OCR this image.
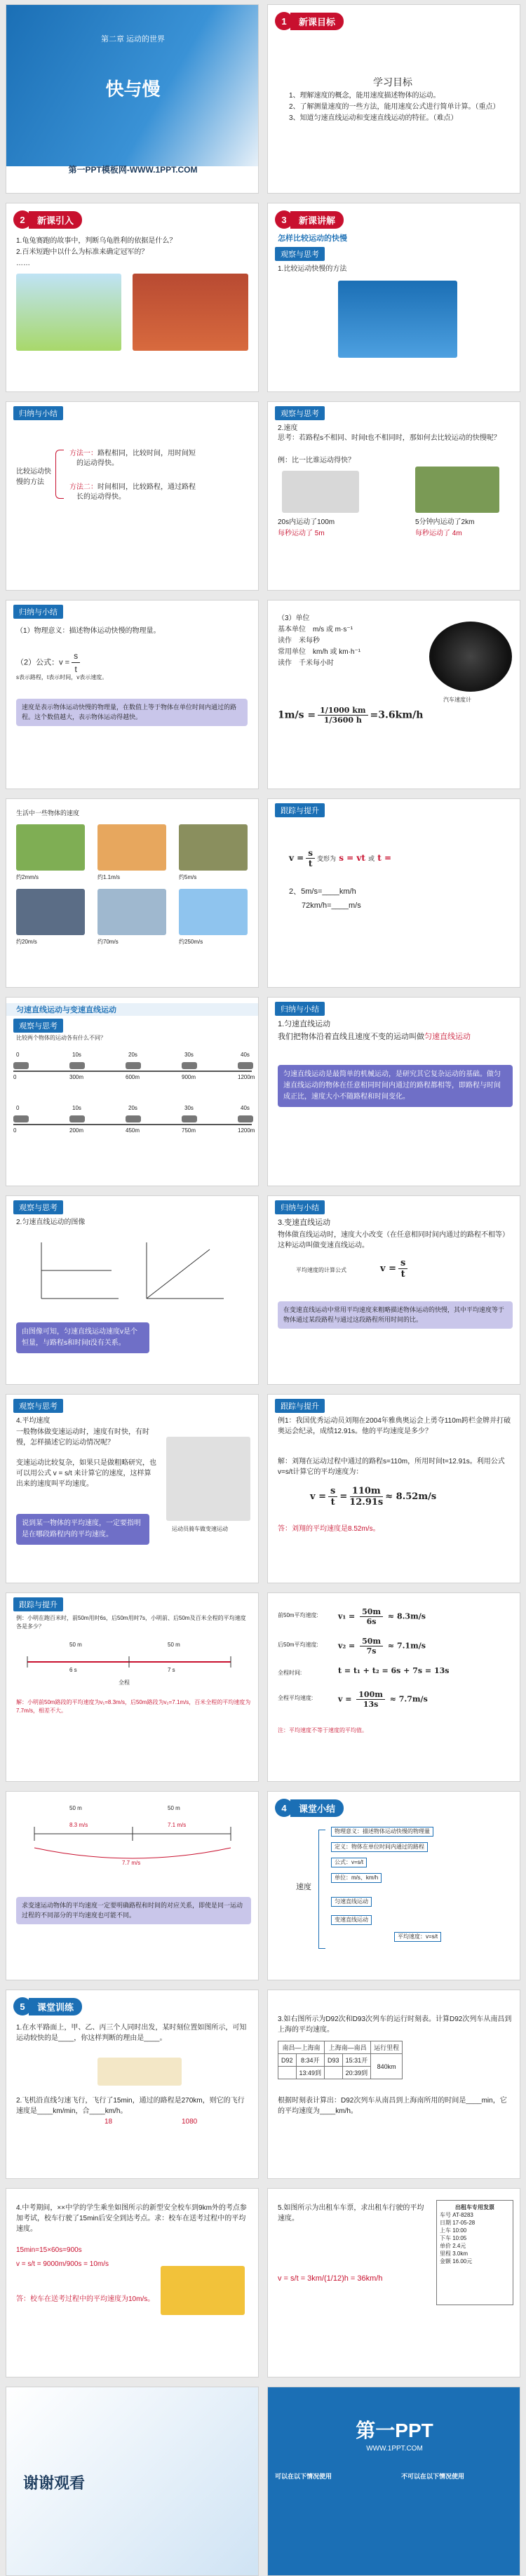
第二章 运动的世界
快与慢
第一PPT模板网-WWW.1PPT.COM
1	新课目标
学习目标
1、理解速度的概念，能用速度描述物体的运动。
2、了解测量速度的一些方法，能用速度公式进行简单计算。（重点）
3、知道匀速直线运动和变速直线运动的特征。（难点）
2	新课引入
1.龟兔赛跑的故事中，判断乌龟胜利的依据是什么？
2.百米短跑中以什么为标准来确定冠军的？
……
3	新课讲解
怎样比较运动的快慢
观察与思考
1.比较运动快慢的方法
归纳与小结
比较运动快慢的方法
方法一：路程相同，比较时间，用时间短
的运动得快。
方法二：时间相同，比较路程，通过路程
长的运动得快。
观察与思考
2.速度
思考：若路程s不相同、时间t也不相同时，那如何去比较运动的快慢呢？
例：比一比谁运动得快？
20s内运动了100m	5分钟内运动了2km
每秒运动了 5m	每秒运动了 4m
归纳与小结
（1）物理意义：描述物体运动快慢的物理量。
（2）公式：$v = \frac{s}{t}$
s表示路程，t表示时间，v表示速度。
速度是表示物体运动快慢的物理量，在数值上等于物体在单位时间内通过的路程。这个数值越大，表示物体运动得越快。
（3）单位
基本单位　 m/s 或 m·s⁻¹
读作　 米每秒
常用单位　 km/h 或 km·h⁻¹
读作　 千米每小时
汽车速度计
$1m/s = \frac{1/1000 km}{1/3600 h} =3.6km/h$
生活中一些物体的速度
约2mm/s	约1.1m/s	约5m/s
约20m/s	约70m/s	约250m/s
跟踪与提升
$v = \frac{s}{t}$ 变形为 s = vt 或 t =
2、5m/s=____km/h
72km/h=____m/s
匀速直线运动与变速直线运动
观察与思考
比较两个物体的运动各有什么不同？
0
0
300m
10s
600m
20s
900m
30s
1200m
40s
0
0
200m
10s
450m
20s
750m
30s
1200m
40s
归纳与小结
1.匀速直线运动
我们把物体沿着直线且速度不变的运动叫做匀速直线运动
匀速直线运动是最简单的机械运动，是研究其它复杂运动的基础。做匀速直线运动的物体在任意相同时间内通过的路程都相等，即路程与时间成正比，速度大小不随路程和时间变化。
观察与思考
2.匀速直线运动的图像
由图像可知，匀速直线运动速度v是个恒量，与路程s和时间t没有关系。
归纳与小结
3.变速直线运动
物体做直线运动时，速度大小改变（在任意相同时间内通过的路程不相等）这种运动叫做变速直线运动。
平均速度的计算公式	$v = \frac{s}{t}$
在变速直线运动中常用平均速度来粗略描述物体运动的快慢，其中平均速度等于物体通过某段路程与通过这段路程所用时间的比。
观察与思考
4.平均速度
一般物体做变速运动时，速度有时快，有时慢，怎样描述它的运动情况呢？
变速运动比较复杂，如果只是做粗略研究，也可以用公式 v = s/t 来计算它的速度，这样算出来的速度叫平均速度。
说到某一物体的平均速度，一定要指明是在哪段路程内的平均速度。
运动员骑车做变速运动
跟踪与提升
例1：我国优秀运动员刘翔在2004年雅典奥运会上勇夺110m跨栏金牌并打破奥运会纪录，成绩12.91s。他的平均速度是多少？
解：刘翔在运动过程中通过的路程s=110m，所用时间t=12.91s。利用公式v=s/t计算它的平均速度为：
$v = \frac{s}{t} = \frac{110m}{12.91s} \approx 8.52m/s$
答：刘翔的平均速度是8.52m/s。
跟踪与提升
例：小明在跑百米时，前50m用时6s，后50m用时7s，小明前、后50m及百米全程的平均速度各是多少？
50 m	50 m
6 s	7 s
全程
解：小明前50m路段的平均速度为v₁=8.3m/s，后50m路段为v₂=7.1m/s，百米全程的平均速度为7.7m/s，相差不大。
前50m平均速度:	$v_1 = \frac{50m}{6s} \approx 8.3m/s$
后50m平均速度:	$v_2 = \frac{50m}{7s} \approx 7.1m/s$
全程时间:	t = t₁ + t₂ = 6s + 7s = 13s
全程平均速度:	$v = \frac{100m}{13s} \approx 7.7m/s$
注：平均速度不等于速度的平均值。
50 m	50 m
8.3 m/s	7.1 m/s
7.7 m/s
求变速运动物体的平均速度一定要明确路程和时间的对应关系，即使是同一运动过程的不同部分的平均速度也可能不同。
4	课堂小结
速度
物理意义：描述物体运动快慢的物理量
定义：物体在单位时间内通过的路程
公式：v=s/t
单位：m/s、km/h
匀速直线运动
变速直线运动
平均速度：v=s/t
5	课堂训练
1.在水平路面上，甲、乙、丙三个人同时出发，某时刻位置如图所示，可知运动较快的是____，你这样判断的理由是____。
2.飞机沿直线匀速飞行，飞行了15min，通过的路程是270km，则它的飞行速度是____km/min，合____km/h。
18	1080
3.如右图所示为D92次和D93次列车的运行时刻表。计算D92次列车从南昌到上海的平均速度。
南昌—上海南		上海南—南昌		运行里程
D92	8:34开	D93	15:31开	840km
	13:49到		20:39到	
根据时刻表计算出：D92次列车从南昌到上海南所用的时间是____min，它的平均速度为____km/h。
4.中考期间，××中学的学生乘坐如图所示的新型安全校车到9km外的考点参加考试，校车行驶了15min后安全到达考点。求：校车在送考过程中的平均速度。
15min=15×60s=900s
v = s/t = 9000m/900s = 10m/s
答：校车在送考过程中的平均速度为10m/s。
5.如图所示为出租车车票，求出租车行驶的平均速度。
出租车专用发票
车号 AT-8283
日期 17-05-28
上车 10:00
下车 10:05
单价 2.4元
里程 3.0km
金额 16.00元
v = s/t = 3km/(1/12)h = 36km/h
谢谢观看
第一PPT
WWW.1PPT.COM
可以在以下情况使用	不可以在以下情况使用
